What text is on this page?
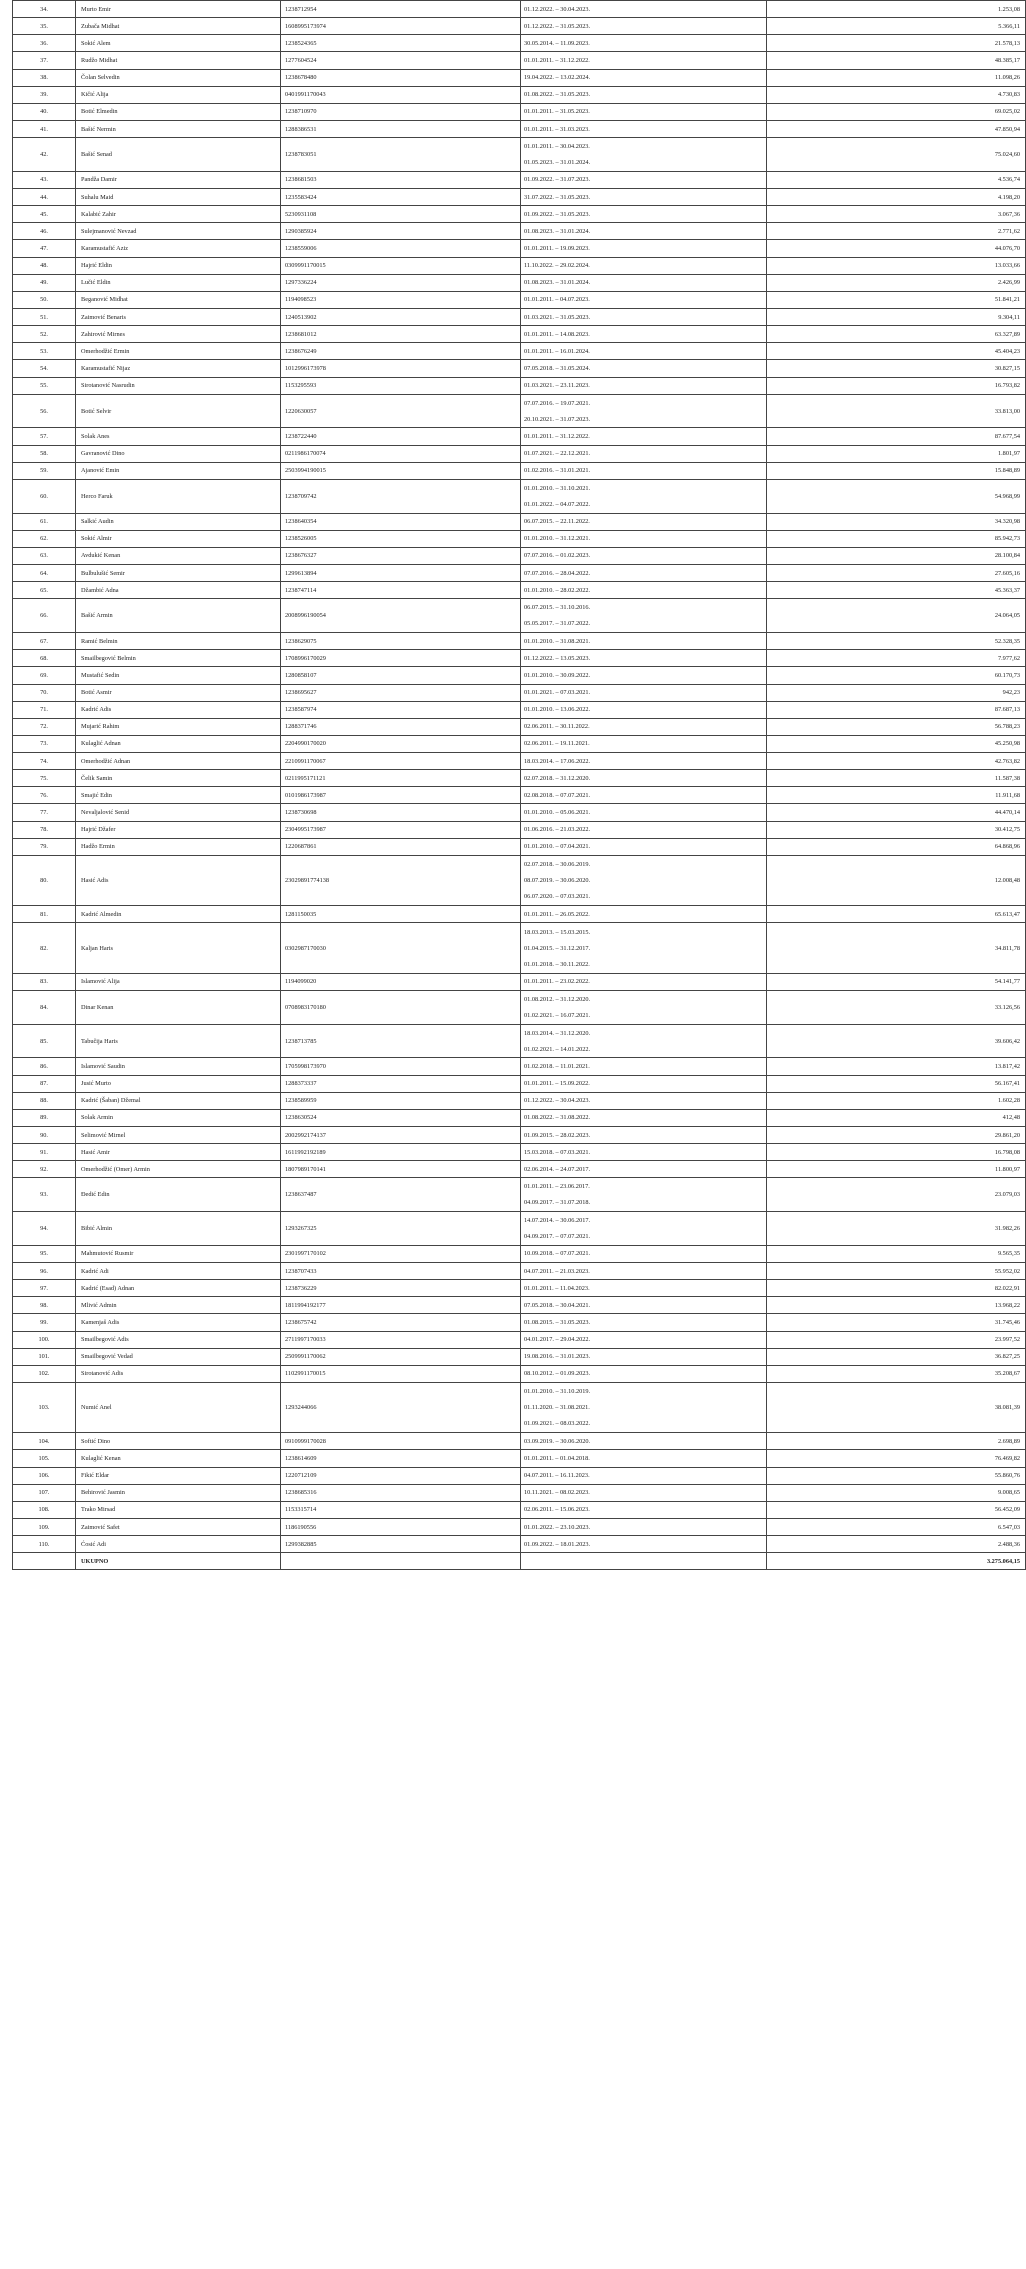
34.	Murto Emir	1238712954	01.12.2022. – 30.04.2023.	1.253,08
35.	Zubača Midhat	1608995173974	01.12.2022. – 31.05.2023.	5.366,11
36.	Sokić Alem	1238524365	30.05.2014. – 11.09.2023.	21.578,13
37.	Rudžo Midhat	1277604524	01.01.2011. – 31.12.2022.	48.385,17
38.	Čolan Selvedin	1238678480	19.04.2022. – 13.02.2024.	11.098,26
39.	Kičić Alija	0401991170043	01.08.2022. – 31.05.2023.	4.730,83
40.	Botić Elmedin	1238710970	01.01.2011. – 31.05.2023.	69.025,02
41.	Bašić Nermin	1288386531	01.01.2011. – 31.03.2023.	47.850,94
42.	Bašić Senad	1238783051	01.01.2011. – 30.04.2023.
01.05.2023. – 31.01.2024.	75.024,60
43.	Pandža Damir	1238681503	01.09.2022. – 31.07.2023.	4.536,74
44.	Suhalu Maid	1235583424	31.07.2022. – 31.05.2023.	4.198,20
45.	Kalabić Zahir	5230931108	01.09.2022. – 31.05.2023.	3.067,36
46.	Sulejmanović Nevzad	1290385924	01.08.2023. – 31.01.2024.	2.771,62
47.	Karamustafić Aziz	1238559006	01.01.2011. – 19.09.2023.	44.076,70
48.	Hajrić Eldin	0309991170015	11.10.2022. – 29.02.2024.	13.033,66
49.	Lučić Eldin	1297336224	01.08.2023. – 31.01.2024.	2.426,99
50.	Beganović Midhat	1194098523	01.01.2011. – 04.07.2023.	51.841,21
51.	Zaimović Benaris	1240513902	01.03.2021. – 31.05.2023.	9.304,11
52.	Zahirović Mirnes	1238681012	01.01.2011. – 14.08.2023.	63.327,89
53.	Omerhodžić Ermin	1238676249	01.01.2011. – 16.01.2024.	45.404,23
54.	Karamustafić Nijaz	1012996173978	07.05.2018. – 31.05.2024.	30.827,15
55.	Sirotanović Nasrudin	1153295593	01.03.2021. – 23.11.2023.	16.793,82
56.	Botić Selvir	1220630057	07.07.2016. – 19.07.2021.
20.10.2021. – 31.07.2023.	33.813,00
57.	Solak Anes	1238722440	01.01.2011. – 31.12.2022.	87.677,54
58.	Gavranović Dino	0211986170074	01.07.2021. – 22.12.2021.	1.801,97
59.	Ajanović Emin	2503994190015	01.02.2016. – 31.01.2021.	15.848,89
60.	Herco Faruk	1238709742	01.01.2010. – 31.10.2021.
01.01.2022. – 04.07.2022.	54.968,99
61.	Salkić Audin	1238640354	06.07.2015. – 22.11.2022.	34.320,98
62.	Sokić Almir	1238526005	01.01.2010. – 31.12.2021.	85.942,73
63.	Avdukić Kenan	1238676327	07.07.2016. – 01.02.2023.	28.100,84
64.	Bulbulušić Semir	1299613894	07.07.2016. – 28.04.2022.	27.605,16
65.	Džambić Adna	1238747114	01.01.2010. – 28.02.2022.	45.363,37
66.	Bašić Armin	2008996190054	06.07.2015. – 31.10.2016.
05.05.2017. – 31.07.2022.	24.064,05
67.	Ramić Belmin	1238629075	01.01.2010. – 31.08.2021.	52.328,35
68.	Smailbegović Belmin	1708996170029	01.12.2022. – 13.05.2023.	7.977,62
69.	Mustafić Sedin	1280858107	01.01.2010. – 30.09.2022.	60.170,73
70.	Botić Asmir	1238695627	01.01.2021. – 07.03.2021.	942,23
71.	Kadrić Adis	1238587974	01.01.2010. – 13.06.2022.	87.687,13
72.	Mujarić Rahim	1288371746	02.06.2011. – 30.11.2022.	56.788,23
73.	Kulaglić Adnan	2204990170020	02.06.2011. – 19.11.2021.	45.250,98
74.	Omerhodžić Adnan	2210991170067	18.03.2014. – 17.06.2022.	42.763,82
75.	Čelik Samin	0211995171121	02.07.2018. – 31.12.2020.	11.587,38
76.	Smajić Edin	0101986173987	02.08.2018. – 07.07.2021.	11.911,68
77.	Nevaljalović Senid	1238730698	01.01.2010. – 05.06.2021.	44.470,14
78.	Hajrić Džafer	2304995173987	01.06.2016. – 21.03.2022.	30.412,75
79.	Hadžo Ermin	1220687861	01.01.2010. – 07.04.2021.	64.868,96
80.	Hasić Adis	23029891774138	02.07.2018. – 30.06.2019.
08.07.2019. – 30.06.2020.
06.07.2020. – 07.03.2021.	12.008,48
81.	Kadrić Almedin	1281150035	01.01.2011. – 26.05.2022.	65.613,47
82.	Kaljan Haris	0302987170030	18.03.2013. – 15.03.2015.
01.04.2015. – 31.12.2017.
01.01.2018. – 30.11.2022.	34.811,78
83.	Islamović Alija	1194099020	01.01.2011. – 23.02.2022.	54.141,77
84.	Dinar Kenan	0708983170180	01.08.2012. – 31.12.2020.
01.02.2021. – 16.07.2021.	33.126,56
85.	Tabučija Haris	1238713785	18.03.2014. – 31.12.2020.
01.02.2021. – 14.01.2022.	39.606,42
86.	Islamović Saudin	1705998173970	01.02.2018. – 11.01.2021.	13.817,42
87.	Jusić Murto	1288373337	01.01.2011. – 15.09.2022.	56.167,41
88.	Kadrić (Šaban) Džemal	1238589959	01.12.2022. – 30.04.2023.	1.602,28
89.	Solak Armin	1238630524	01.08.2022. – 31.08.2022.	412,48
90.	Selimović Mirnel	2002992174137	01.09.2015. – 28.02.2023.	29.861,20
91.	Hasić Amir	1611992192189	15.03.2018. – 07.03.2021.	16.798,08
92.	Omerhodžić (Omer) Armin	1807989170141	02.06.2014. – 24.07.2017.	11.800,97
93.	Đedić Edin	1238637487	01.01.2011. – 23.06.2017.
04.09.2017. – 31.07.2018.	23.079,03
94.	Bibić Almin	1293267325	14.07.2014. – 30.06.2017.
04.09.2017. – 07.07.2021.	31.982,26
95.	Mahmutović Rusmir	2301997170102	10.09.2018. – 07.07.2021.	9.565,35
96.	Kadrić Adi	1238707433	04.07.2011. – 21.03.2023.	55.952,02
97.	Kadrić (Esad) Adnan	1238736229	01.01.2011. – 11.04.2023.	82.022,91
98.	Mlivić Admin	1811994192177	07.05.2018. – 30.04.2021.	13.968,22
99.	Kamenjaš Adis	1238675742	01.08.2015. – 31.05.2023.	31.745,46
100.	Smailbegović Adis	2711997170033	04.01.2017. – 29.04.2022.	23.997,52
101.	Smailbegović Vedad	2509991170062	19.08.2016. – 31.01.2023.	36.827,25
102.	Sirotanović Adis	1102991170015	08.10.2012. – 01.09.2023.	35.208,67
103.	Numić Anel	1293244066	01.01.2010. – 31.10.2019.
01.11.2020. – 31.08.2021.
01.09.2021. – 08.03.2022.	38.081,39
104.	Softić Dino	0910999170028	03.09.2019. – 30.06.2020.	2.698,89
105.	Kulaglić Kenan	1238614609	01.01.2011. – 01.04.2018.	76.469,82
106.	Fikić Eldar	1220712109	04.07.2011. – 16.11.2023.	55.860,76
107.	Behirović Jasmin	1238685316	10.11.2021. – 08.02.2023.	9.008,65
108.	Trako Mirsad	1153315714	02.06.2011. – 15.06.2023.	56.452,09
109.	Zaimović Safet	1186190556	01.01.2022. – 23.10.2023.	6.547,03
110.	Ćosić Adi	1299382885	01.09.2022. – 18.01.2023.	2.488,36
	UKUPNO			3.275.064,15
